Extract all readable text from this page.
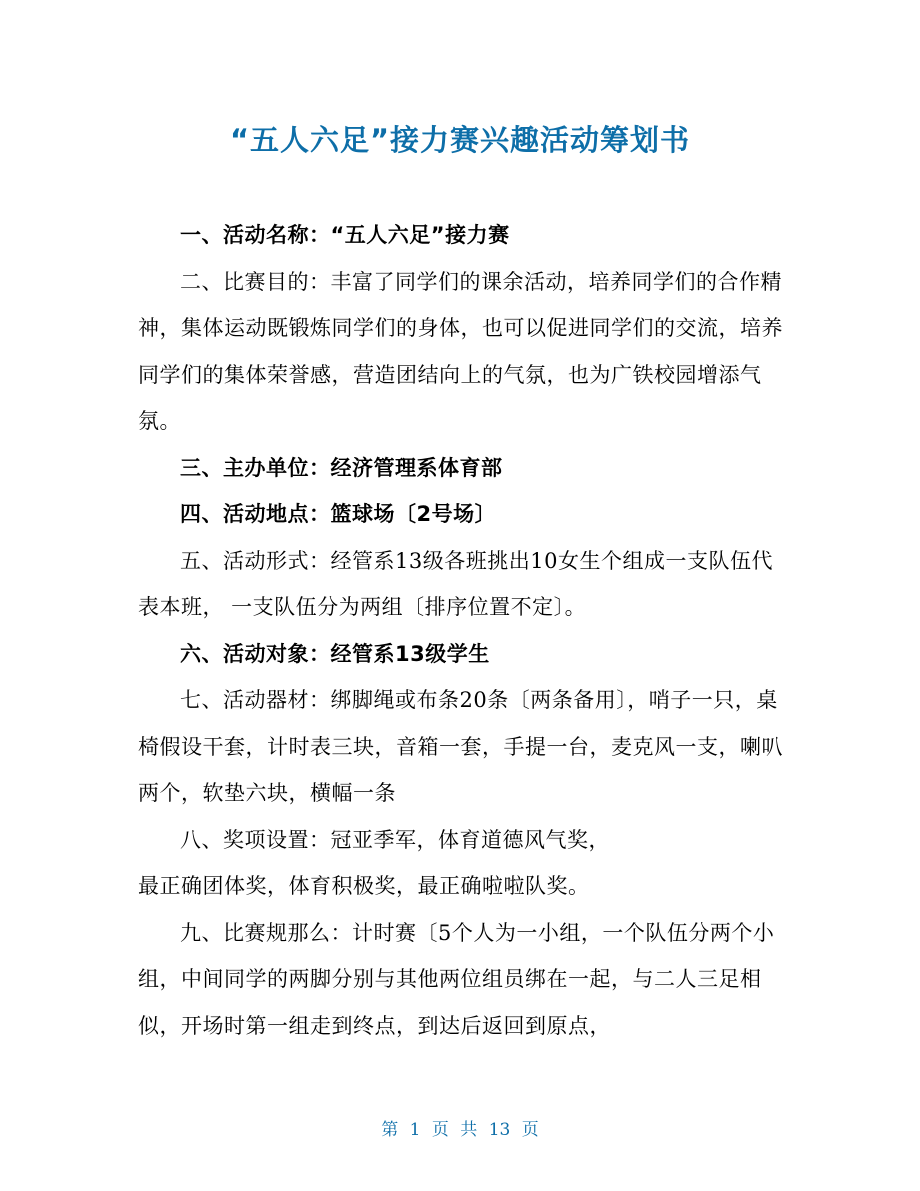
“五人六足”接力赛兴趣活动筹划书

一、活动名称：“五人六足”接力赛

二、比赛目的：丰富了同学们的课余活动，培养同学们的合作精神，集体运动既锻炼同学们的身体，也可以促进同学们的交流，培养同学们的集体荣誉感，营造团结向上的气氛，也为广铁校园增添气氛。

三、主办单位：经济管理系体育部

四、活动地点：篮球场〔2号场〕

五、活动形式：经管系13级各班挑出10女生个组成一支队伍代表本班， 一支队伍分为两组〔排序位置不定〕。

六、活动对象：经管系13级学生

七、活动器材：绑脚绳或布条20条〔两条备用〕，哨子一只，桌椅假设干套，计时表三块，音箱一套，手提一台，麦克风一支，喇叭两个，软垫六块，横幅一条

八、奖项设置：冠亚季军，体育道德风气奖，

最正确团体奖，体育积极奖，最正确啦啦队奖。

九、比赛规那么：计时赛〔5个人为一小组，一个队伍分两个小组，中间同学的两脚分别与其他两位组员绑在一起，与二人三足相似，开场时第一组走到终点，到达后返回到原点，

第 1 页 共 13 页
